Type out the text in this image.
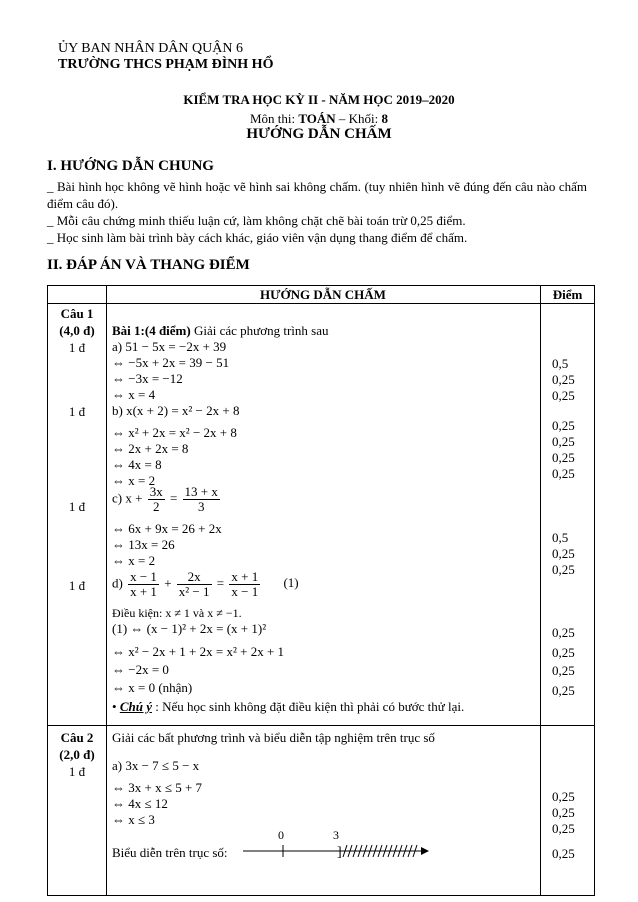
ỦY BAN NHÂN DÂN QUẬN 6
TRƯỜNG THCS PHẠM ĐÌNH HỔ
KIỂM TRA HỌC KỲ II - NĂM HỌC 2019–2020
Môn thi: TOÁN – Khối: 8
HƯỚNG DẪN CHẤM
I. HƯỚNG DẪN CHUNG
_ Bài hình học không vẽ hình hoặc vẽ hình sai không chấm. (tuy nhiên hình vẽ đúng đến câu nào chấm điểm câu đó).
_ Mỗi câu chứng minh thiếu luận cứ, làm không chặt chẽ bài toán trừ 0,25 điểm.
_ Học sinh làm bài trình bày cách khác, giáo viên vận dụng thang điểm để chấm.
II. ĐÁP ÁN VÀ THANG ĐIỂM
HƯỚNG DẪN CHẤM	Điểm
Câu 1
(4,0 đ)
1 đ
1 đ
1 đ
1 đ
Bài 1:(4 điểm) Giải các phương trình sau
a) 51 − 5x = −2x + 39
⇔ −5x + 2x = 39 − 51
⇔ −3x = −12
⇔ x = 4
b) x(x + 2) = x² − 2x + 8
⇔ x² + 2x = x² − 2x + 8
⇔ 2x + 2x = 8
⇔ 4x = 8
⇔ x = 2
c) $x + \frac{3x}{2} = \frac{13 + x}{3}$
⇔ 6x + 9x = 26 + 2x
⇔ 13x = 26
⇔ x = 2
$d) \frac{x - 1}{x + 1} + \frac{2x}{\text{x² − 1}} = \frac{x + 1}{x - 1} (1)$
Điều kiện: x ≠ 1 và x ≠ −1.
(1) ⇔ (x − 1)² + 2x = (x + 1)²
⇔ x² − 2x + 1 + 2x = x² + 2x + 1
⇔ −2x = 0
⇔ x = 0 (nhận)
• Chú ý : Nếu học sinh không đặt điều kiện thì phải có bước thử lại.
0,5
0,25
0,25
0,25
0,25
0,25
0,25
0,5
0,25
0,25
0,25
0,25
0,25
0,25
Câu 2
(2,0 đ)
1 đ
Giải các bất phương trình và biểu diễn tập nghiệm trên trục số
a) 3x − 7 ≤ 5 − x
⇔ 3x + x ≤ 5 + 7
⇔ 4x ≤ 12
⇔ x ≤ 3
Biểu diễn trên trục số:
0	3
]
0,25
0,25
0,25
0,25
